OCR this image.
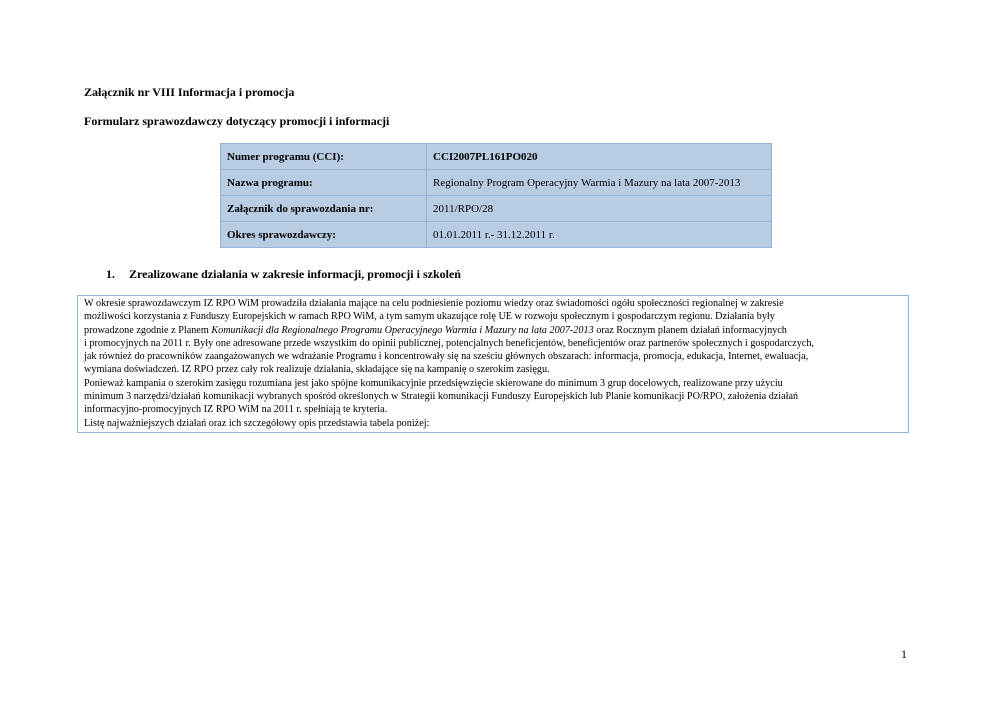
Załącznik nr VIII Informacja i promocja

Formularz sprawozdawczy dotyczący promocji i informacji

Numer programu (CCI):	CCI2007PL161PO020
Nazwa programu:	Regionalny Program Operacyjny Warmia i Mazury na lata 2007-2013
Załącznik do sprawozdania nr:	2011/RPO/28
Okres sprawozdawczy:	01.01.2011 r.- 31.12.2011 r.

1. Zrealizowane działania w zakresie informacji, promocji i szkoleń

W okresie sprawozdawczym IZ RPO WiM prowadziła działania mające na celu podniesienie poziomu wiedzy oraz świadomości ogółu społeczności regionalnej w zakresie
możliwości korzystania z Funduszy Europejskich w ramach RPO WiM, a tym samym ukazujące rolę UE w rozwoju społecznym i gospodarczym regionu. Działania były
prowadzone zgodnie z Planem Komunikacji dla Regionalnego Programu Operacyjnego Warmia i Mazury na lata 2007-2013 oraz Rocznym planem działań informacyjnych
i promocyjnych na 2011 r. Były one adresowane przede wszystkim do opinii publicznej, potencjalnych beneficjentów, beneficjentów oraz partnerów społecznych i gospodarczych,
jak również do pracowników zaangażowanych we wdrażanie Programu i koncentrowały się na sześciu głównych obszarach: informacja, promocja, edukacja, Internet, ewaluacja,
wymiana doświadczeń. IZ RPO przez cały rok realizuje działania, składające się na kampanię o szerokim zasięgu.
Ponieważ kampania o szerokim zasięgu rozumiana jest jako spójne komunikacyjnie przedsięwzięcie skierowane do minimum 3 grup docelowych, realizowane przy użyciu
minimum 3 narzędzi/działań komunikacji wybranych spośród określonych w Strategii komunikacji Funduszy Europejskich lub Planie komunikacji PO/RPO, założenia działań
informacyjno-promocyjnych IZ RPO WiM na 2011 r. spełniają te kryteria.
Listę najważniejszych działań oraz ich szczegółowy opis przedstawia tabela poniżej:
1
